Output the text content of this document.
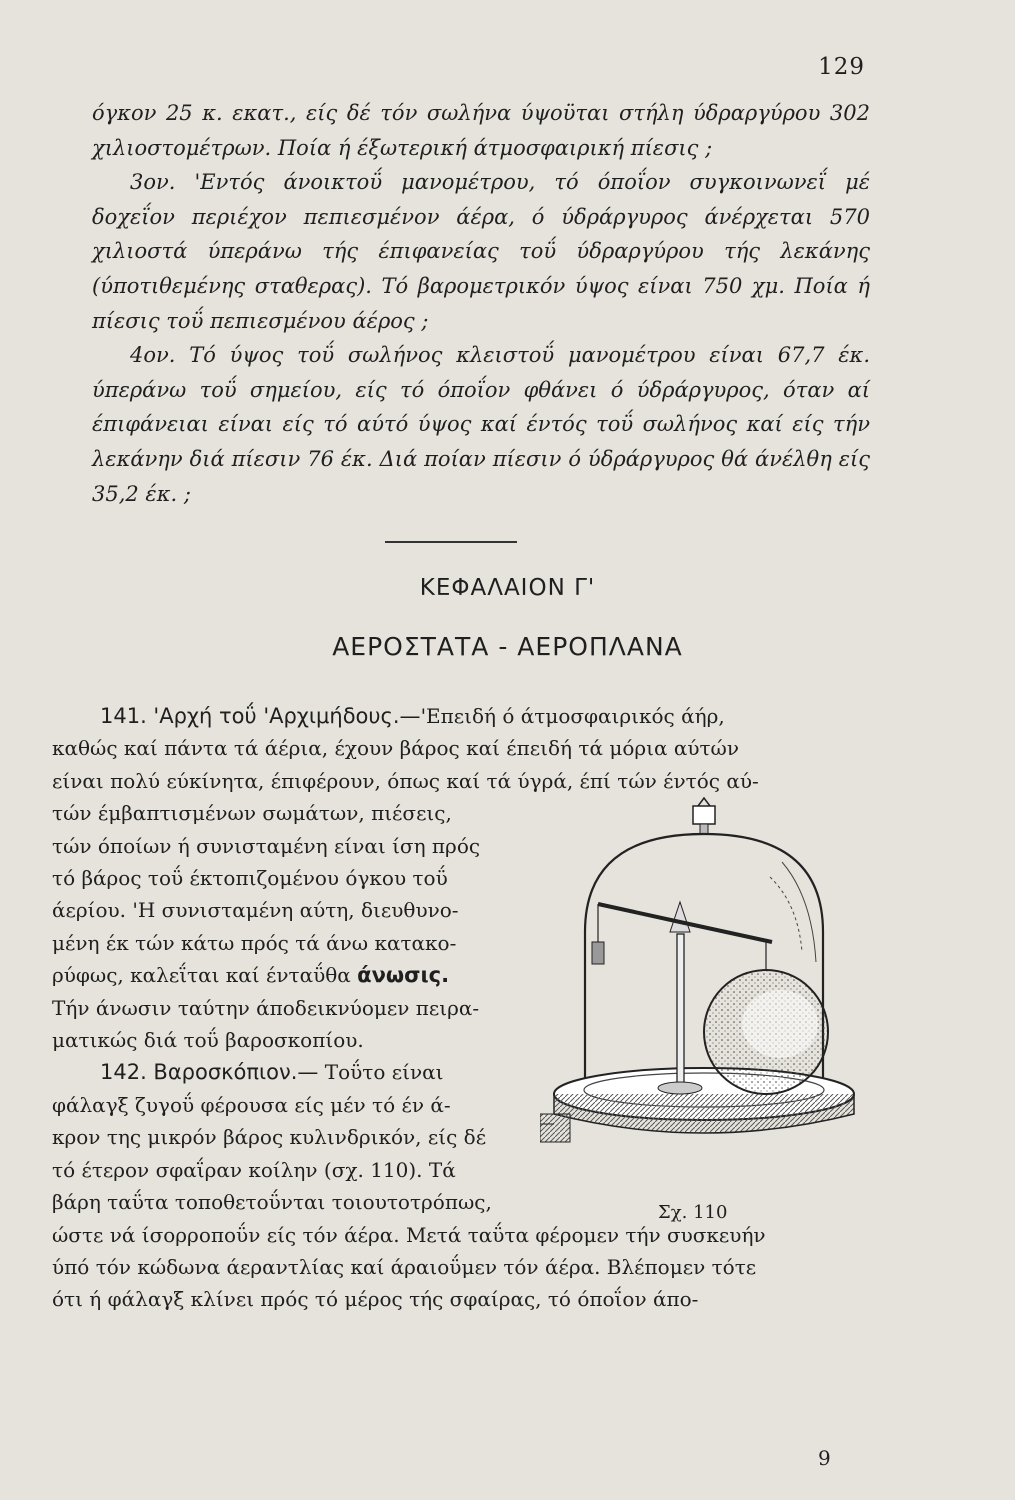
129

όγκον 25 κ. εκατ., είς δέ τόν σωλήνα ύψοϋται στήλη ύδραργύρου 302 χιλιοστομέτρων. Ποία ή έξωτερική άτμοσφαιρική πίεσις ;

3ον. 'Εντός άνοικτοΰ μανομέτρου, τό όποΐον συγκοινωνεΐ μέ δοχεΐον περιέχον πεπιεσμένον άέρα, ό ύδράργυρος άνέρχεται 570 χιλιοστά ύπεράνω τής έπιφανείας τοΰ ύδραργύρου τής λεκάνης (ύποτιθεμένης σταθερας). Τό βαρομετρικόν ύψος είναι 750 χμ. Ποία ή πίεσις τοΰ πεπιεσμένου άέρος ;

4ον. Τό ύψος τοΰ σωλήνος κλειστοΰ μανομέτρου είναι 67,7 έκ. ύπεράνω τοΰ σημείου, είς τό όποΐον φθάνει ό ύδράργυρος, όταν αί έπιφάνειαι είναι είς τό αύτό ύψος καί έντός τοΰ σωλήνος καί είς τήν λεκάνην διά πίεσιν 76 έκ. Διά ποίαν πίεσιν ό ύδράργυρος θά άνέλθη είς 35,2 έκ. ;

ΚΕΦΑΛΑΙΟΝ Γ'
ΑΕΡΟΣΤΑΤΑ - ΑΕΡΟΠΛΑΝΑ
141. 'Αρχή τοΰ 'Αρχιμήδους.—'Επειδή ό άτμοσφαιρικός άήρ,
καθώς καί πάντα τά άέρια, έχουν βάρος καί έπειδή τά μόρια αύτών
είναι πολύ εύκίνητα, έπιφέρουν, όπως καί τά ύγρά, έπί τών έντός αύ-
τών έμβαπτισμένων σωμάτων, πιέσεις,
τών όποίων ή συνισταμένη είναι ίση πρός
τό βάρος τοΰ έκτοπιζομένου όγκου τοΰ
άερίου. 'Η συνισταμένη αύτη, διευθυνο-
μένη έκ τών κάτω πρός τά άνω κατακο-
ρύφως, καλεΐται καί ένταΰθα άνωσις.
Τήν άνωσιν ταύτην άποδεικνύομεν πειρα-
ματικώς διά τοΰ βαροσκοπίου.
142. Βαροσκόπιον.— Τοΰτο είναι
φάλαγξ ζυγοΰ φέρουσα είς μέν τό έν ά-
κρον της μικρόν βάρος κυλινδρικόν, είς δέ
τό έτερον σφαΐραν κοίλην (σχ. 110). Τά
βάρη ταΰτα τοποθετοΰνται τοιουτοτρόπως,
ώστε νά ίσορροποΰν είς τόν άέρα. Μετά ταΰτα φέρομεν τήν συσκευήν
ύπό τόν κώδωνα άεραντλίας καί άραιοΰμεν τόν άέρα. Βλέπομεν τότε
ότι ή φάλαγξ κλίνει πρός τό μέρος τής σφαίρας, τό όποΐον άπο-
Σχ. 110
9
